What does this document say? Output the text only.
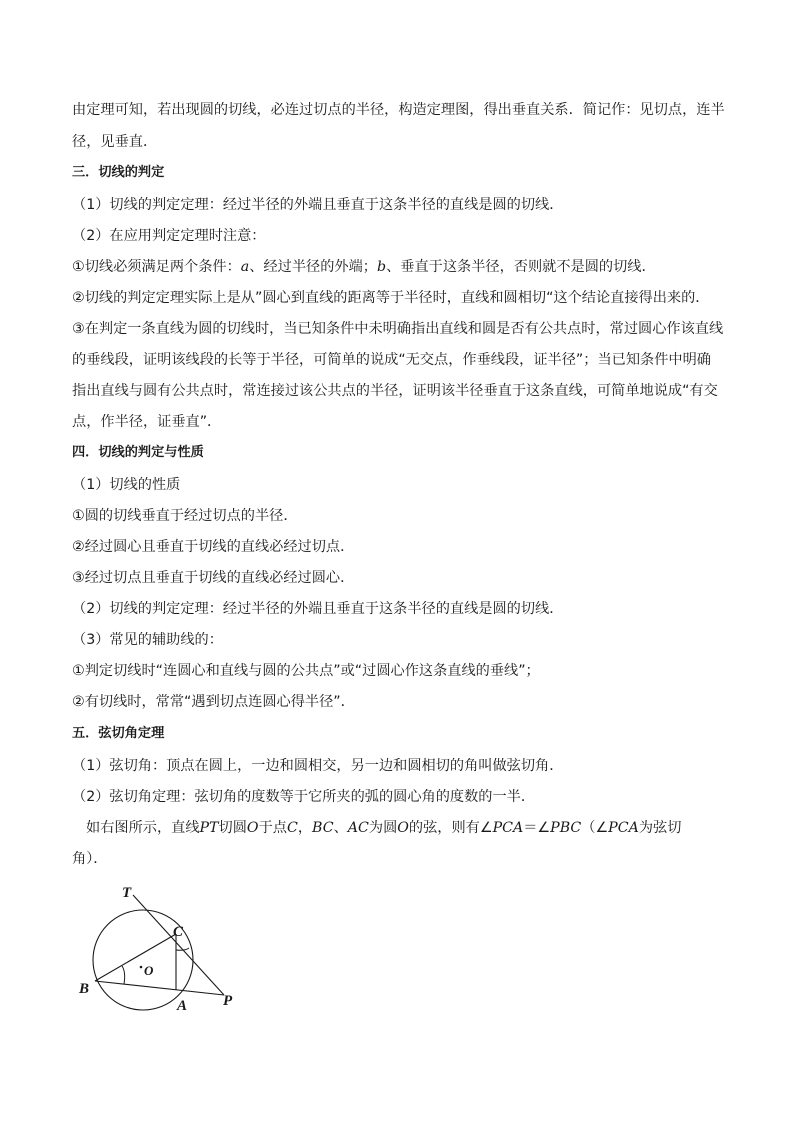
由定理可知，若出现圆的切线，必连过切点的半径，构造定理图，得出垂直关系．简记作：见切点，连半
径，见垂直．
三．切线的判定
（1）切线的判定定理：经过半径的外端且垂直于这条半径的直线是圆的切线．
（2）在应用判定定理时注意：
①切线必须满足两个条件：a、经过半径的外端；b、垂直于这条半径，否则就不是圆的切线．
②切线的判定定理实际上是从”圆心到直线的距离等于半径时，直线和圆相切“这个结论直接得出来的．
③在判定一条直线为圆的切线时，当已知条件中未明确指出直线和圆是否有公共点时，常过圆心作该直线
的垂线段，证明该线段的长等于半径，可简单的说成“无交点，作垂线段，证半径”；当已知条件中明确
指出直线与圆有公共点时，常连接过该公共点的半径，证明该半径垂直于这条直线，可简单地说成“有交
点，作半径，证垂直”．
四．切线的判定与性质
（1）切线的性质
①圆的切线垂直于经过切点的半径．
②经过圆心且垂直于切线的直线必经过切点．
③经过切点且垂直于切线的直线必经过圆心．
（2）切线的判定定理：经过半径的外端且垂直于这条半径的直线是圆的切线．
（3）常见的辅助线的：
①判定切线时“连圆心和直线与圆的公共点”或“过圆心作这条直线的垂线”；
②有切线时，常常“遇到切点连圆心得半径”．
五．弦切角定理
（1）弦切角：顶点在圆上，一边和圆相交，另一边和圆相切的角叫做弦切角．
（2）弦切角定理：弦切角的度数等于它所夹的弧的圆心角的度数的一半．
如右图所示，直线PT切圆O于点C，BC、AC为圆O的弦，则有∠PCA＝∠PBC（∠PCA为弦切
角）．
T
C
O
B
A P
